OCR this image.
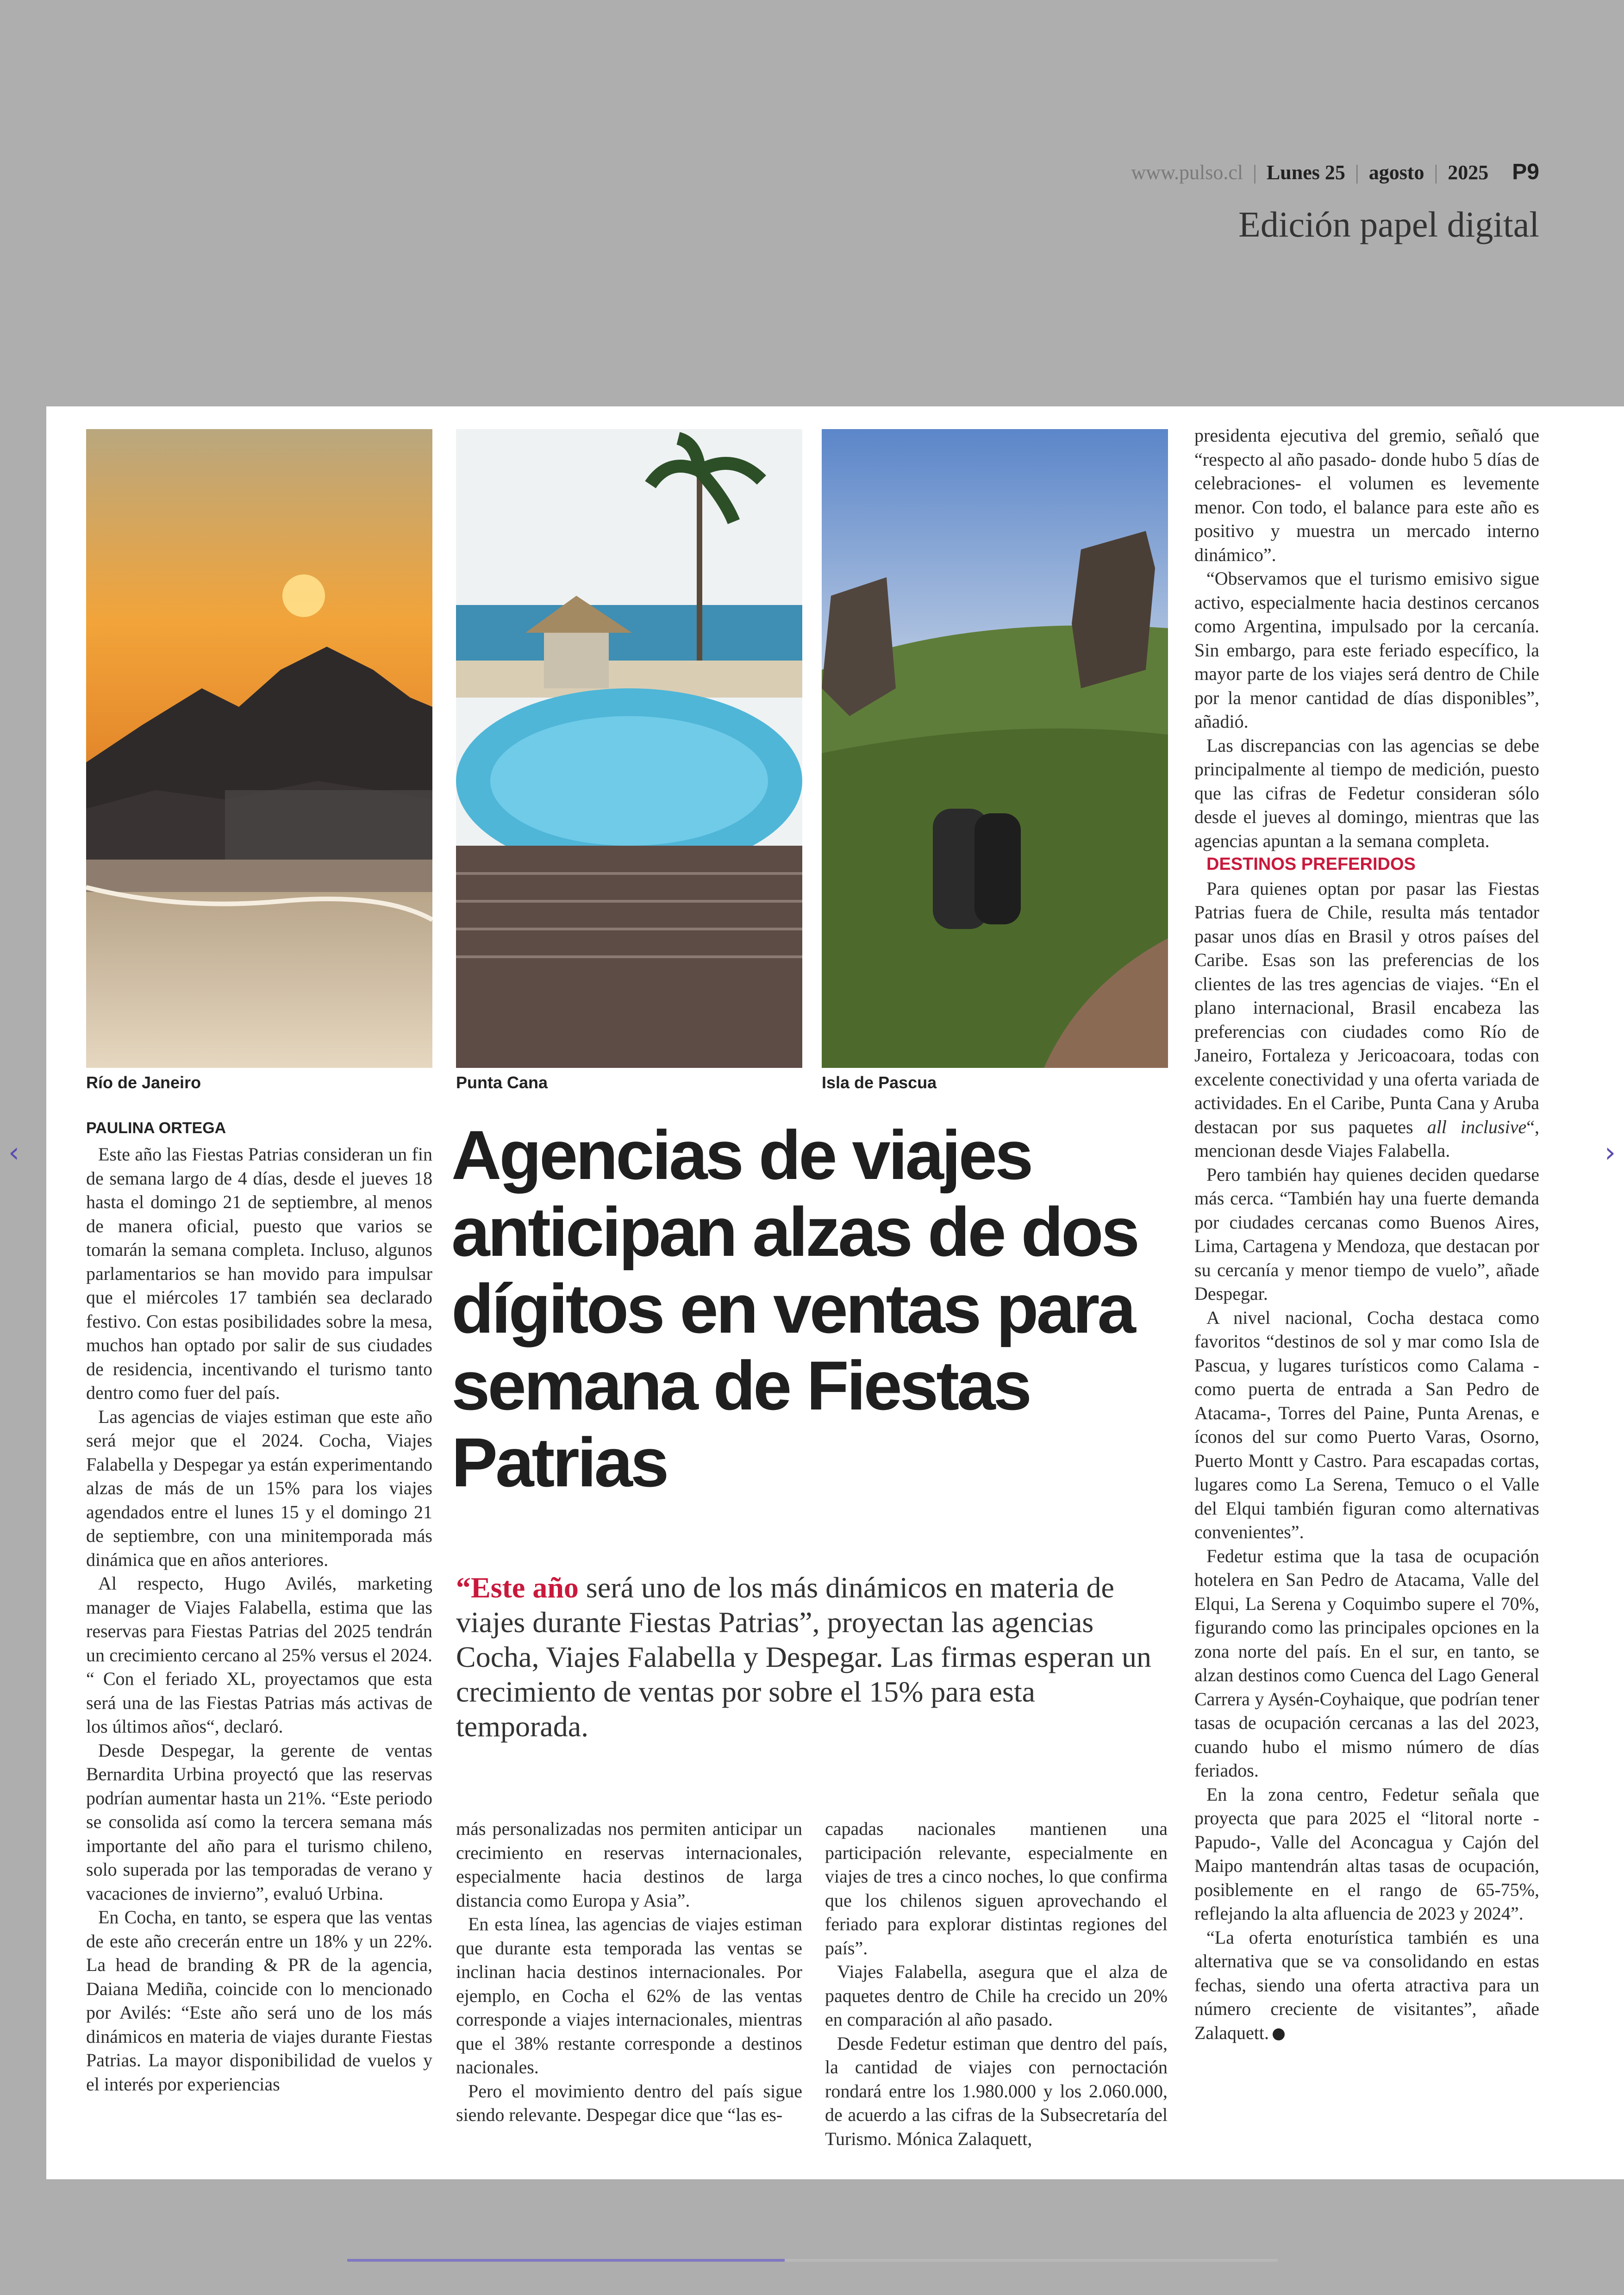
www.pulso.cl | Lunes 25 | agosto | 2025 P9
Edición papel digital
Río de Janeiro	Punta Cana	Isla de Pascua
PAULINA ORTEGA

Este año las Fiestas Patrias consideran un fin de semana largo de 4 días, desde el jueves 18 hasta el domingo 21 de septiembre, al menos de manera oficial, puesto que varios se tomarán la semana completa. Incluso, algunos parlamentarios se han movido para impulsar que el miércoles 17 también sea declarado festivo. Con estas posibilidades sobre la mesa, muchos han optado por salir de sus ciudades de residencia, incentivando el turismo tanto dentro como fuer del país.

Las agencias de viajes estiman que este año será mejor que el 2024. Cocha, Viajes Falabella y Despegar ya están experimentando alzas de más de un 15% para los viajes agendados entre el lunes 15 y el domingo 21 de septiembre, con una minitemporada más dinámica que en años anteriores.

Al respecto, Hugo Avilés, marketing manager de Viajes Falabella, estima que las reservas para Fiestas Patrias del 2025 tendrán un crecimiento cercano al 25% versus el 2024. “ Con el feriado XL, proyectamos que esta será una de las Fiestas Patrias más activas de los últimos años“, declaró.

Desde Despegar, la gerente de ventas Bernardita Urbina proyectó que las reservas podrían aumentar hasta un 21%. “Este periodo se consolida así como la tercera semana más importante del año para el turismo chileno, solo superada por las temporadas de verano y vacaciones de invierno”, evaluó Urbina.

En Cocha, en tanto, se espera que las ventas de este año crecerán entre un 18% y un 22%. La head de branding & PR de la agencia, Daiana Mediña, coincide con lo mencionado por Avilés: “Este año será uno de los más dinámicos en materia de viajes durante Fiestas Patrias. La mayor disponibilidad de vuelos y el interés por experiencias

Agencias de viajes anticipan alzas de dos dígitos en ventas para semana de Fiestas Patrias

“Este año será uno de los más dinámicos en materia de viajes durante Fiestas Patrias”, proyectan las agencias Cocha, Viajes Falabella y Despegar. Las firmas esperan un crecimiento de ventas por sobre el 15% para esta temporada.

más personalizadas nos permiten anticipar un crecimiento en reservas internacionales, especialmente hacia destinos de larga distancia como Europa y Asia”.

En esta línea, las agencias de viajes estiman que durante esta temporada las ventas se inclinan hacia destinos internacionales. Por ejemplo, en Cocha el 62% de las ventas corresponde a viajes internacionales, mientras que el 38% restante corresponde a destinos nacionales.

Pero el movimiento dentro del país sigue siendo relevante. Despegar dice que “las es-

capadas nacionales mantienen una participación relevante, especialmente en viajes de tres a cinco noches, lo que confirma que los chilenos siguen aprovechando el feriado para explorar distintas regiones del país”.

Viajes Falabella, asegura que el alza de paquetes dentro de Chile ha crecido un 20% en comparación al año pasado.

Desde Fedetur estiman que dentro del país, la cantidad de viajes con pernoctación rondará entre los 1.980.000 y los 2.060.000, de acuerdo a las cifras de la Subsecretaría del Turismo. Mónica Zalaquett,

presidenta ejecutiva del gremio, señaló que “respecto al año pasado- donde hubo 5 días de celebraciones- el volumen es levemente menor. Con todo, el balance para este año es positivo y muestra un mercado interno dinámico”.

“Observamos que el turismo emisivo sigue activo, especialmente hacia destinos cercanos como Argentina, impulsado por la cercanía. Sin embargo, para este feriado específico, la mayor parte de los viajes será dentro de Chile por la menor cantidad de días disponibles”, añadió.

Las discrepancias con las agencias se debe principalmente al tiempo de medición, puesto que las cifras de Fedetur consideran sólo desde el jueves al domingo, mientras que las agencias apuntan a la semana completa.

DESTINOS PREFERIDOS

Para quienes optan por pasar las Fiestas Patrias fuera de Chile, resulta más tentador pasar unos días en Brasil y otros países del Caribe. Esas son las preferencias de los clientes de las tres agencias de viajes. “En el plano internacional, Brasil encabeza las preferencias con ciudades como Río de Janeiro, Fortaleza y Jericoacoara, todas con excelente conectividad y una oferta variada de actividades. En el Caribe, Punta Cana y Aruba destacan por sus paquetes all inclusive“, mencionan desde Viajes Falabella.

Pero también hay quienes deciden quedarse más cerca. “También hay una fuerte demanda por ciudades cercanas como Buenos Aires, Lima, Cartagena y Mendoza, que destacan por su cercanía y menor tiempo de vuelo”, añade Despegar.

A nivel nacional, Cocha destaca como favoritos “destinos de sol y mar como Isla de Pascua, y lugares turísticos como Calama -como puerta de entrada a San Pedro de Atacama-, Torres del Paine, Punta Arenas, e íconos del sur como Puerto Varas, Osorno, Puerto Montt y Castro. Para escapadas cortas, lugares como La Serena, Temuco o el Valle del Elqui también figuran como alternativas convenientes”.

Fedetur estima que la tasa de ocupación hotelera en San Pedro de Atacama, Valle del Elqui, La Serena y Coquimbo supere el 70%, figurando como las principales opciones en la zona norte del país. En el sur, en tanto, se alzan destinos como Cuenca del Lago General Carrera y Aysén-Coyhaique, que podrían tener tasas de ocupación cercanas a las del 2023, cuando hubo el mismo número de días feriados.

En la zona centro, Fedetur señala que proyecta que para 2025 el “litoral norte - Papudo-, Valle del Aconcagua y Cajón del Maipo mantendrán altas tasas de ocupación, posiblemente en el rango de 65-75%, reflejando la alta afluencia de 2023 y 2024”.

“La oferta enoturística también es una alternativa que se va consolidando en estas fechas, siendo una oferta atractiva para un número creciente de visitantes”, añade Zalaquett.

‹	›
